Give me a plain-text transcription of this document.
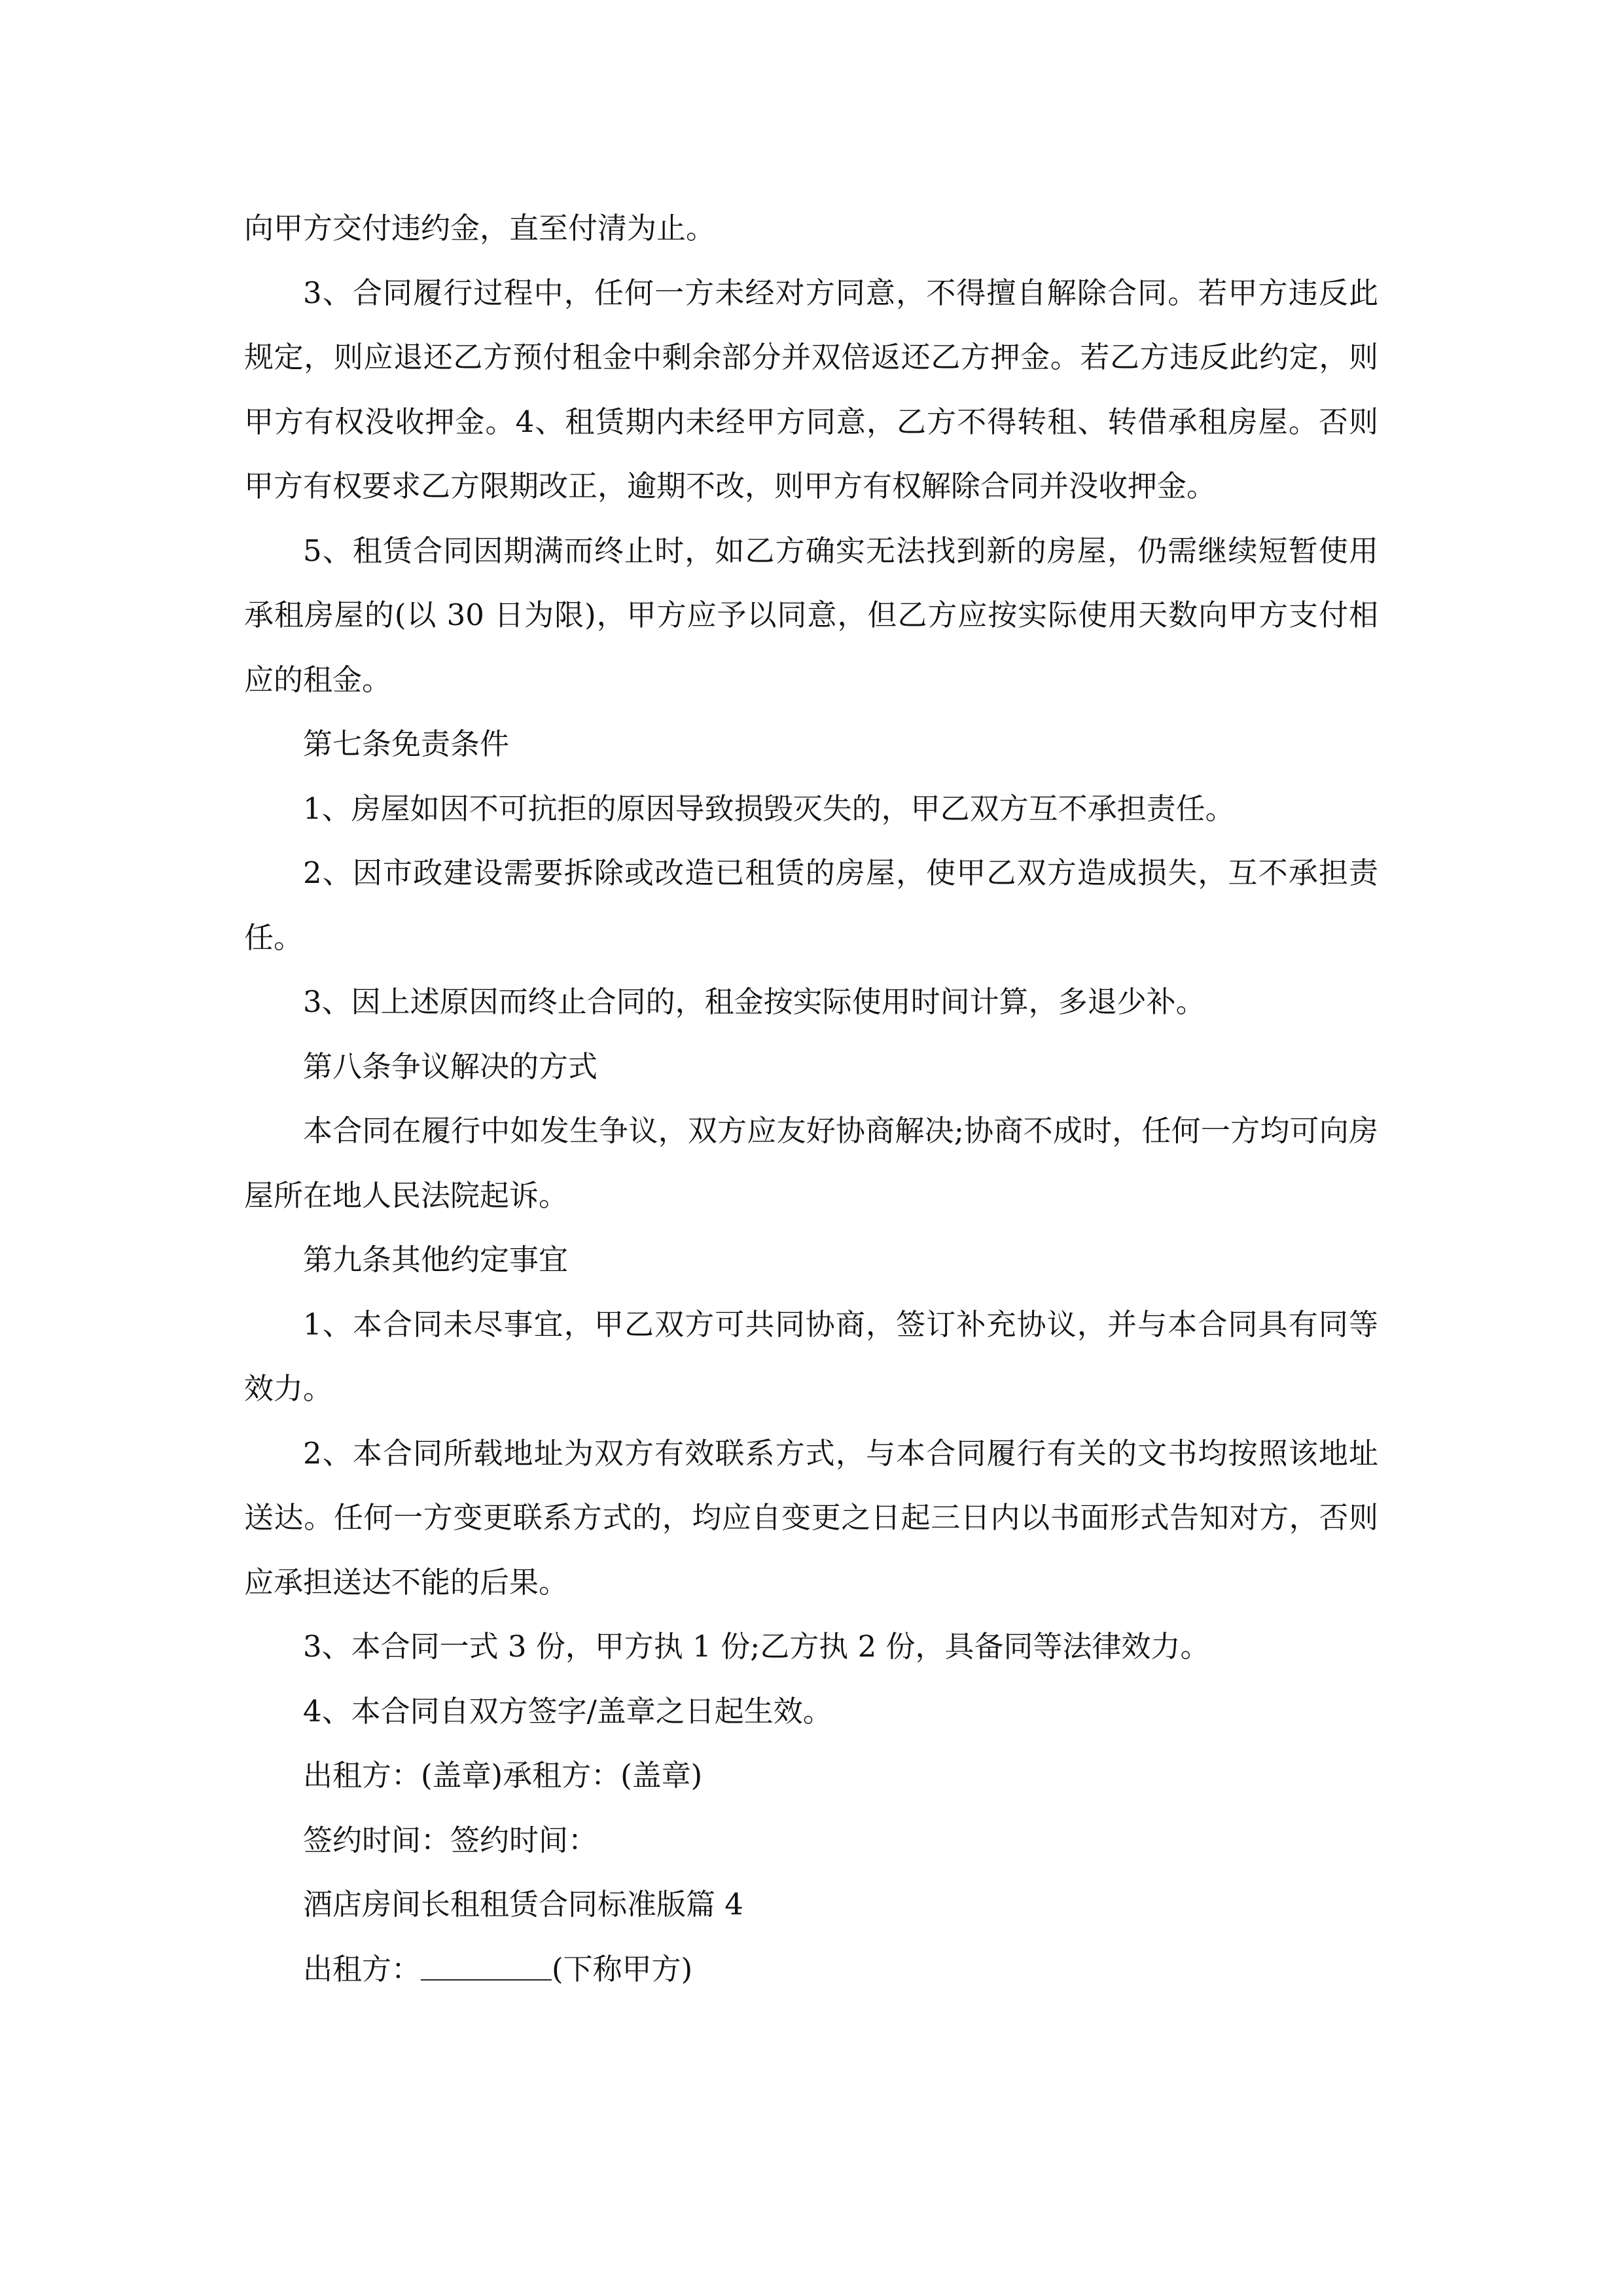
向甲方交付违约金，直至付清为止。

3、合同履行过程中，任何一方未经对方同意，不得擅自解除合同。若甲方违反此规定，则应退还乙方预付租金中剩余部分并双倍返还乙方押金。若乙方违反此约定，则甲方有权没收押金。4、租赁期内未经甲方同意，乙方不得转租、转借承租房屋。否则甲方有权要求乙方限期改正，逾期不改，则甲方有权解除合同并没收押金。

5、租赁合同因期满而终止时，如乙方确实无法找到新的房屋，仍需继续短暂使用承租房屋的(以 30 日为限)，甲方应予以同意，但乙方应按实际使用天数向甲方支付相应的租金。

第七条免责条件

1、房屋如因不可抗拒的原因导致损毁灭失的，甲乙双方互不承担责任。

2、因市政建设需要拆除或改造已租赁的房屋，使甲乙双方造成损失，互不承担责任。

3、因上述原因而终止合同的，租金按实际使用时间计算，多退少补。

第八条争议解决的方式

本合同在履行中如发生争议，双方应友好协商解决;协商不成时，任何一方均可向房屋所在地人民法院起诉。

第九条其他约定事宜

1、本合同未尽事宜，甲乙双方可共同协商，签订补充协议，并与本合同具有同等效力。

2、本合同所载地址为双方有效联系方式，与本合同履行有关的文书均按照该地址送达。任何一方变更联系方式的，均应自变更之日起三日内以书面形式告知对方，否则应承担送达不能的后果。

3、本合同一式 3 份，甲方执 1 份;乙方执 2 份，具备同等法律效力。

4、本合同自双方签字/盖章之日起生效。

出租方：(盖章)承租方：(盖章)

签约时间：签约时间：

酒店房间长租租赁合同标准版篇 4

出租方：	(下称甲方)
